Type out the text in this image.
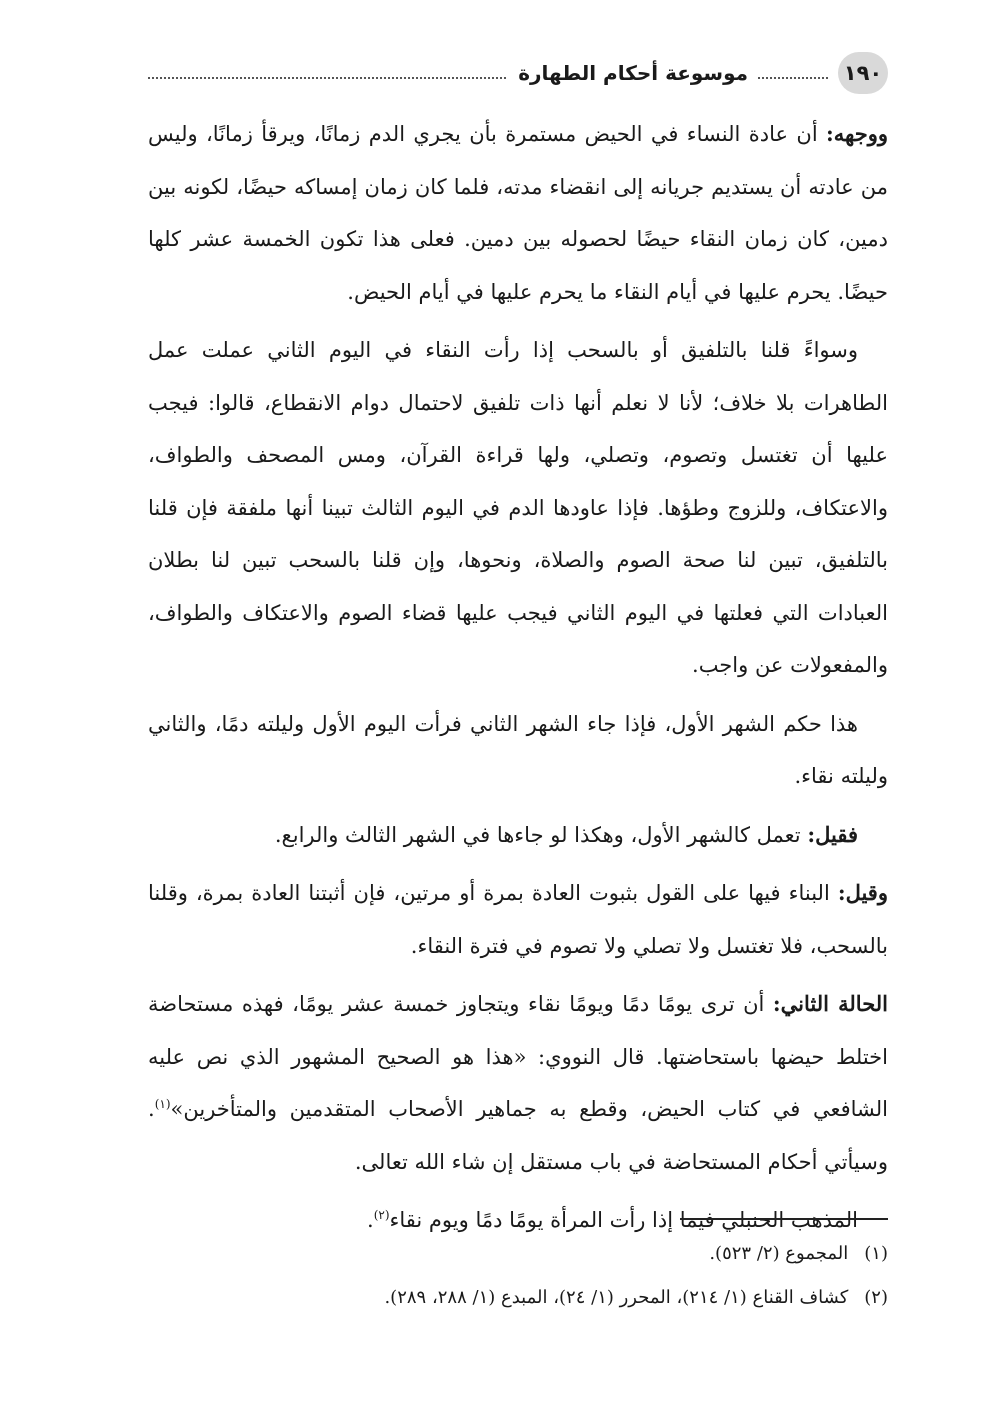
١٩٠
موسوعة أحكام الطهارة

ووجهه: أن عادة النساء في الحيض مستمرة بأن يجري الدم زمانًا، ويرقأ زمانًا، وليس من عادته أن يستديم جريانه إلى انقضاء مدته، فلما كان زمان إمساكه حيضًا، لكونه بين دمين، كان زمان النقاء حيضًا لحصوله بين دمين. فعلى هذا تكون الخمسة عشر كلها حيضًا. يحرم عليها في أيام النقاء ما يحرم عليها في أيام الحيض.

وسواءً قلنا بالتلفيق أو بالسحب إذا رأت النقاء في اليوم الثاني عملت عمل الطاهرات بلا خلاف؛ لأنا لا نعلم أنها ذات تلفيق لاحتمال دوام الانقطاع، قالوا: فيجب عليها أن تغتسل وتصوم، وتصلي، ولها قراءة القرآن، ومس المصحف والطواف، والاعتكاف، وللزوج وطؤها. فإذا عاودها الدم في اليوم الثالث تبينا أنها ملفقة فإن قلنا بالتلفيق، تبين لنا صحة الصوم والصلاة، ونحوها، وإن قلنا بالسحب تبين لنا بطلان العبادات التي فعلتها في اليوم الثاني فيجب عليها قضاء الصوم والاعتكاف والطواف، والمفعولات عن واجب.

هذا حكم الشهر الأول، فإذا جاء الشهر الثاني فرأت اليوم الأول وليلته دمًا، والثاني وليلته نقاء.

فقيل: تعمل كالشهر الأول، وهكذا لو جاءها في الشهر الثالث والرابع.

وقيل: البناء فيها على القول بثبوت العادة بمرة أو مرتين، فإن أثبتنا العادة بمرة، وقلنا بالسحب، فلا تغتسل ولا تصلي ولا تصوم في فترة النقاء.

الحالة الثاني: أن ترى يومًا دمًا ويومًا نقاء ويتجاوز خمسة عشر يومًا، فهذه مستحاضة اختلط حيضها باستحاضتها. قال النووي: «هذا هو الصحيح المشهور الذي نص عليه الشافعي في كتاب الحيض، وقطع به جماهير الأصحاب المتقدمين والمتأخرين»$^{(١)}$. وسيأتي أحكام المستحاضة في باب مستقل إن شاء الله تعالى.

المذهب الحنبلي فيما إذا رأت المرأة يومًا دمًا ويوم نقاء$^{(٢)}$.

(١)المجموع (٢/ ٥٢٣).

(٢)كشاف القناع (١/ ٢١٤)، المحرر (١/ ٢٤)، المبدع (١/ ٢٨٨، ٢٨٩).
